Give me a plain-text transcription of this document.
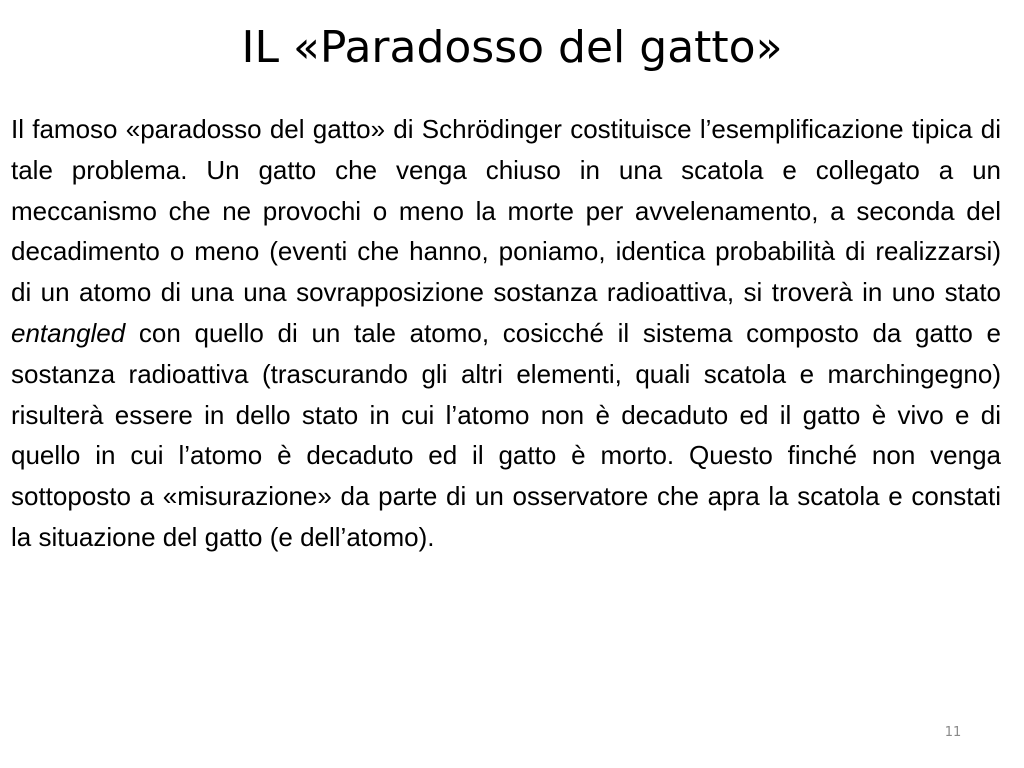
IL «Paradosso del gatto»

Il famoso «paradosso del gatto» di Schrödinger costituisce l’esemplificazione tipica di tale problema. Un gatto che venga chiuso in una scatola e collegato a un meccanismo che ne provochi o meno la morte per avvelenamento, a seconda del decadimento o meno (eventi che hanno, poniamo, identica probabilità di realizzarsi) di un atomo di una una sovrapposizione sostanza radioattiva, si troverà in uno stato entangled con quello di un tale atomo, cosicché il sistema composto da gatto e sostanza radioattiva (trascurando gli altri elementi, quali scatola e marchingegno) risulterà essere in dello stato in cui l’atomo non è decaduto ed il gatto è vivo e di quello in cui l’atomo è decaduto ed il gatto è morto. Questo finché non venga sottoposto a «misurazione» da parte di un osservatore che apra la scatola e constati la situazione del gatto (e dell’atomo).

11
